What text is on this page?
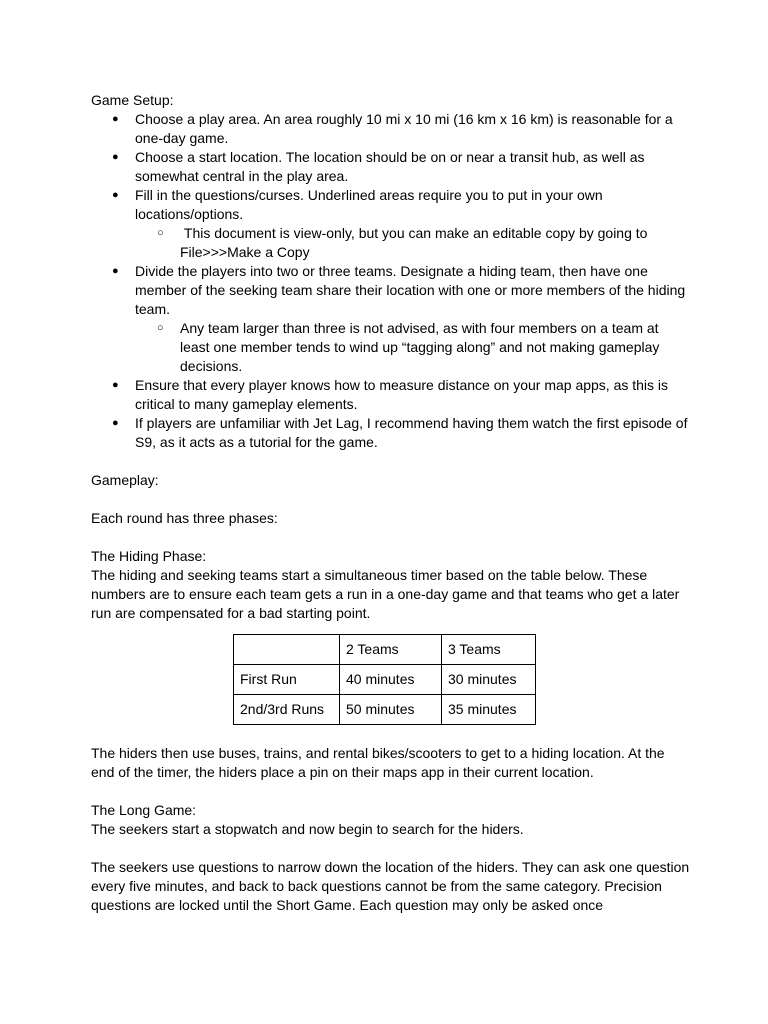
Game Setup:

● Choose a play area. An area roughly 10 mi x 10 mi (16 km x 16 km) is reasonable for a one-day game.
● Choose a start location. The location should be on or near a transit hub, as well as somewhat central in the play area.
● Fill in the questions/curses. Underlined areas require you to put in your own locations/options.
○  This document is view-only, but you can make an editable copy by going to File>>>Make a Copy
● Divide the players into two or three teams. Designate a hiding team, then have one member of the seeking team share their location with one or more members of the hiding team.
○ Any team larger than three is not advised, as with four members on a team at least one member tends to wind up “tagging along” and not making gameplay decisions.
● Ensure that every player knows how to measure distance on your map apps, as this is critical to many gameplay elements.
● If players are unfamiliar with Jet Lag, I recommend having them watch the first episode of S9, as it acts as a tutorial for the game.

Gameplay:

Each round has three phases:

The Hiding Phase:

The hiding and seeking teams start a simultaneous timer based on the table below. These numbers are to ensure each team gets a run in a one-day game and that teams who get a later run are compensated for a bad starting point.

	2 Teams	3 Teams
First Run	40 minutes	30 minutes
2nd/3rd Runs	50 minutes	35 minutes

The hiders then use buses, trains, and rental bikes/scooters to get to a hiding location. At the end of the timer, the hiders place a pin on their maps app in their current location.

The Long Game:

The seekers start a stopwatch and now begin to search for the hiders.

The seekers use questions to narrow down the location of the hiders. They can ask one question every five minutes, and back to back questions cannot be from the same category. Precision questions are locked until the Short Game. Each question may only be asked once
